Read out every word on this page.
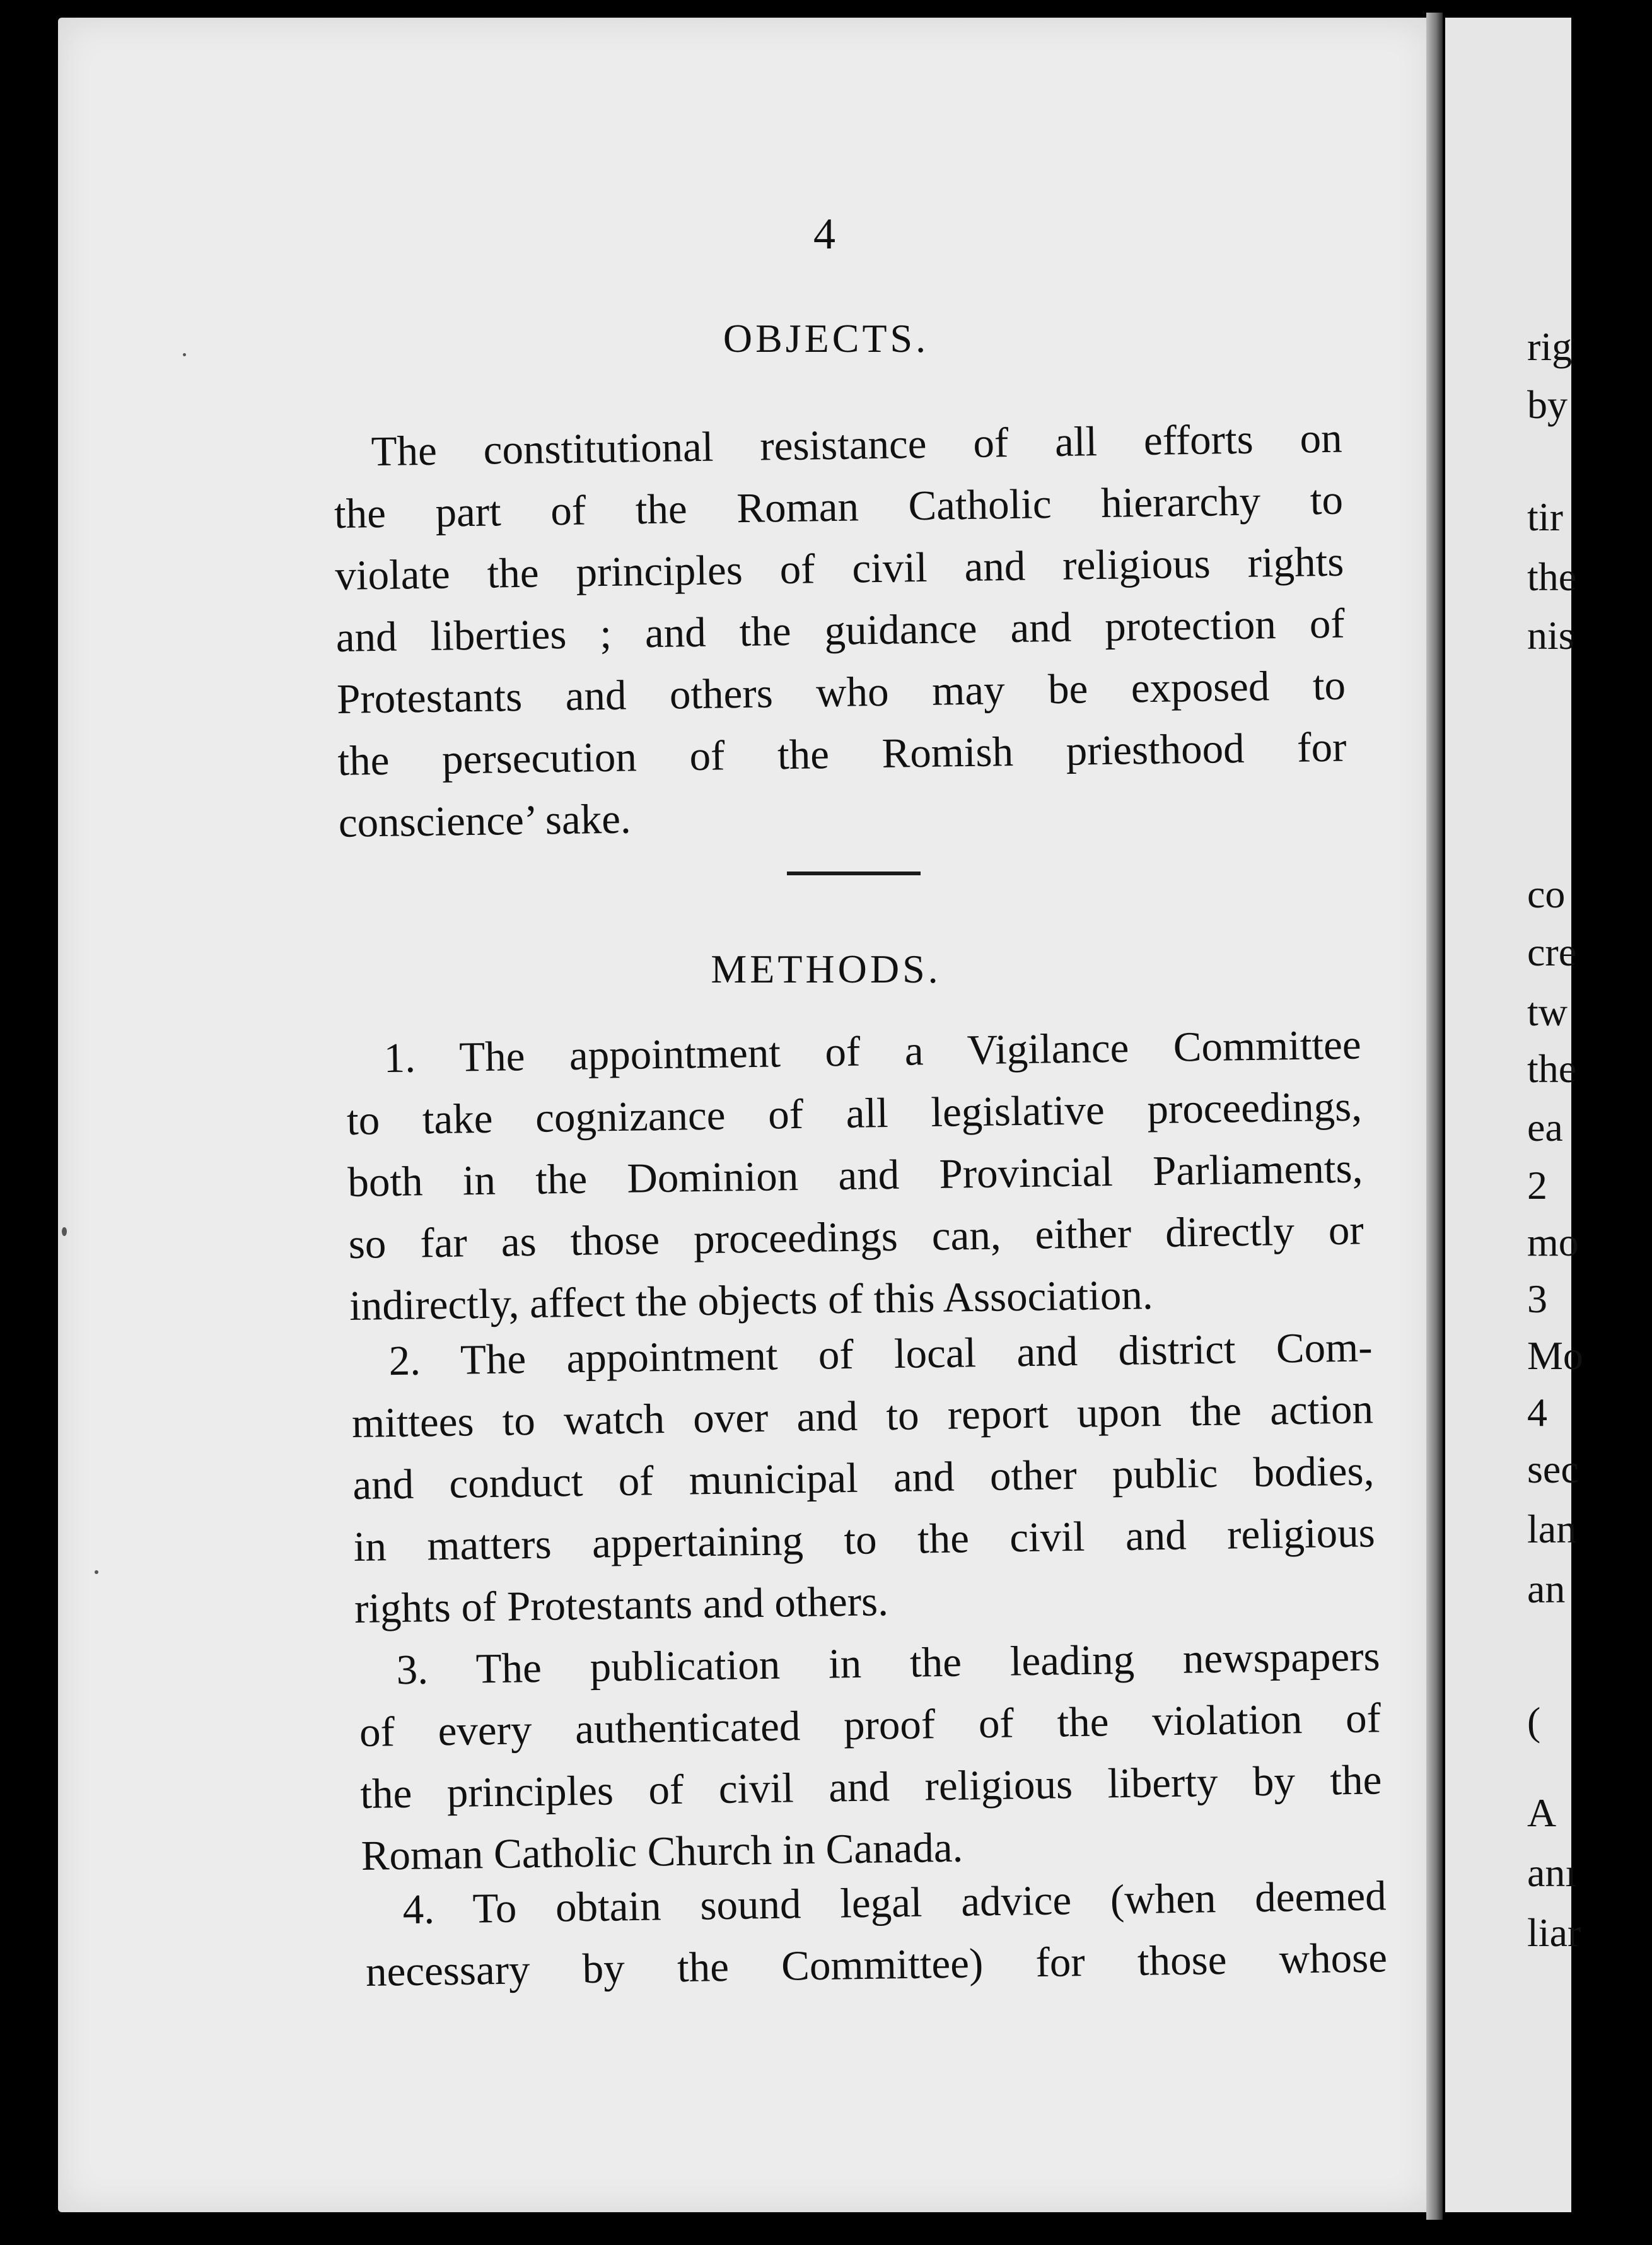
rig
by
tir
the
nis
co
cre
tw
the
ea
2
mo
3
Mo
4
sec
lan
an
(
A
anı
liar
4
OBJECTS.
The constitutional resistance of all efforts on
the part of the Roman Catholic hierarchy to
violate the principles of civil and religious rights
and liberties ; and the guidance and protection of
Protestants and others who may be exposed to
the persecution of the Romish priesthood for
conscience’ sake.
METHODS.
1. The appointment of a Vigilance Committee
to take cognizance of all legislative proceedings,
both in the Dominion and Provincial Parliaments,
so far as those proceedings can, either directly or
indirectly, affect the objects of this Association.
2. The appointment of local and district Com-
mittees to watch over and to report upon the action
and conduct of municipal and other public bodies,
in matters appertaining to the civil and religious
rights of Protestants and others.
3. The publication in the leading newspapers
of every authenticated proof of the violation of
the principles of civil and religious liberty by the
Roman Catholic Church in Canada.
4. To obtain sound legal advice (when deemed
necessary by the Committee) for those whose
